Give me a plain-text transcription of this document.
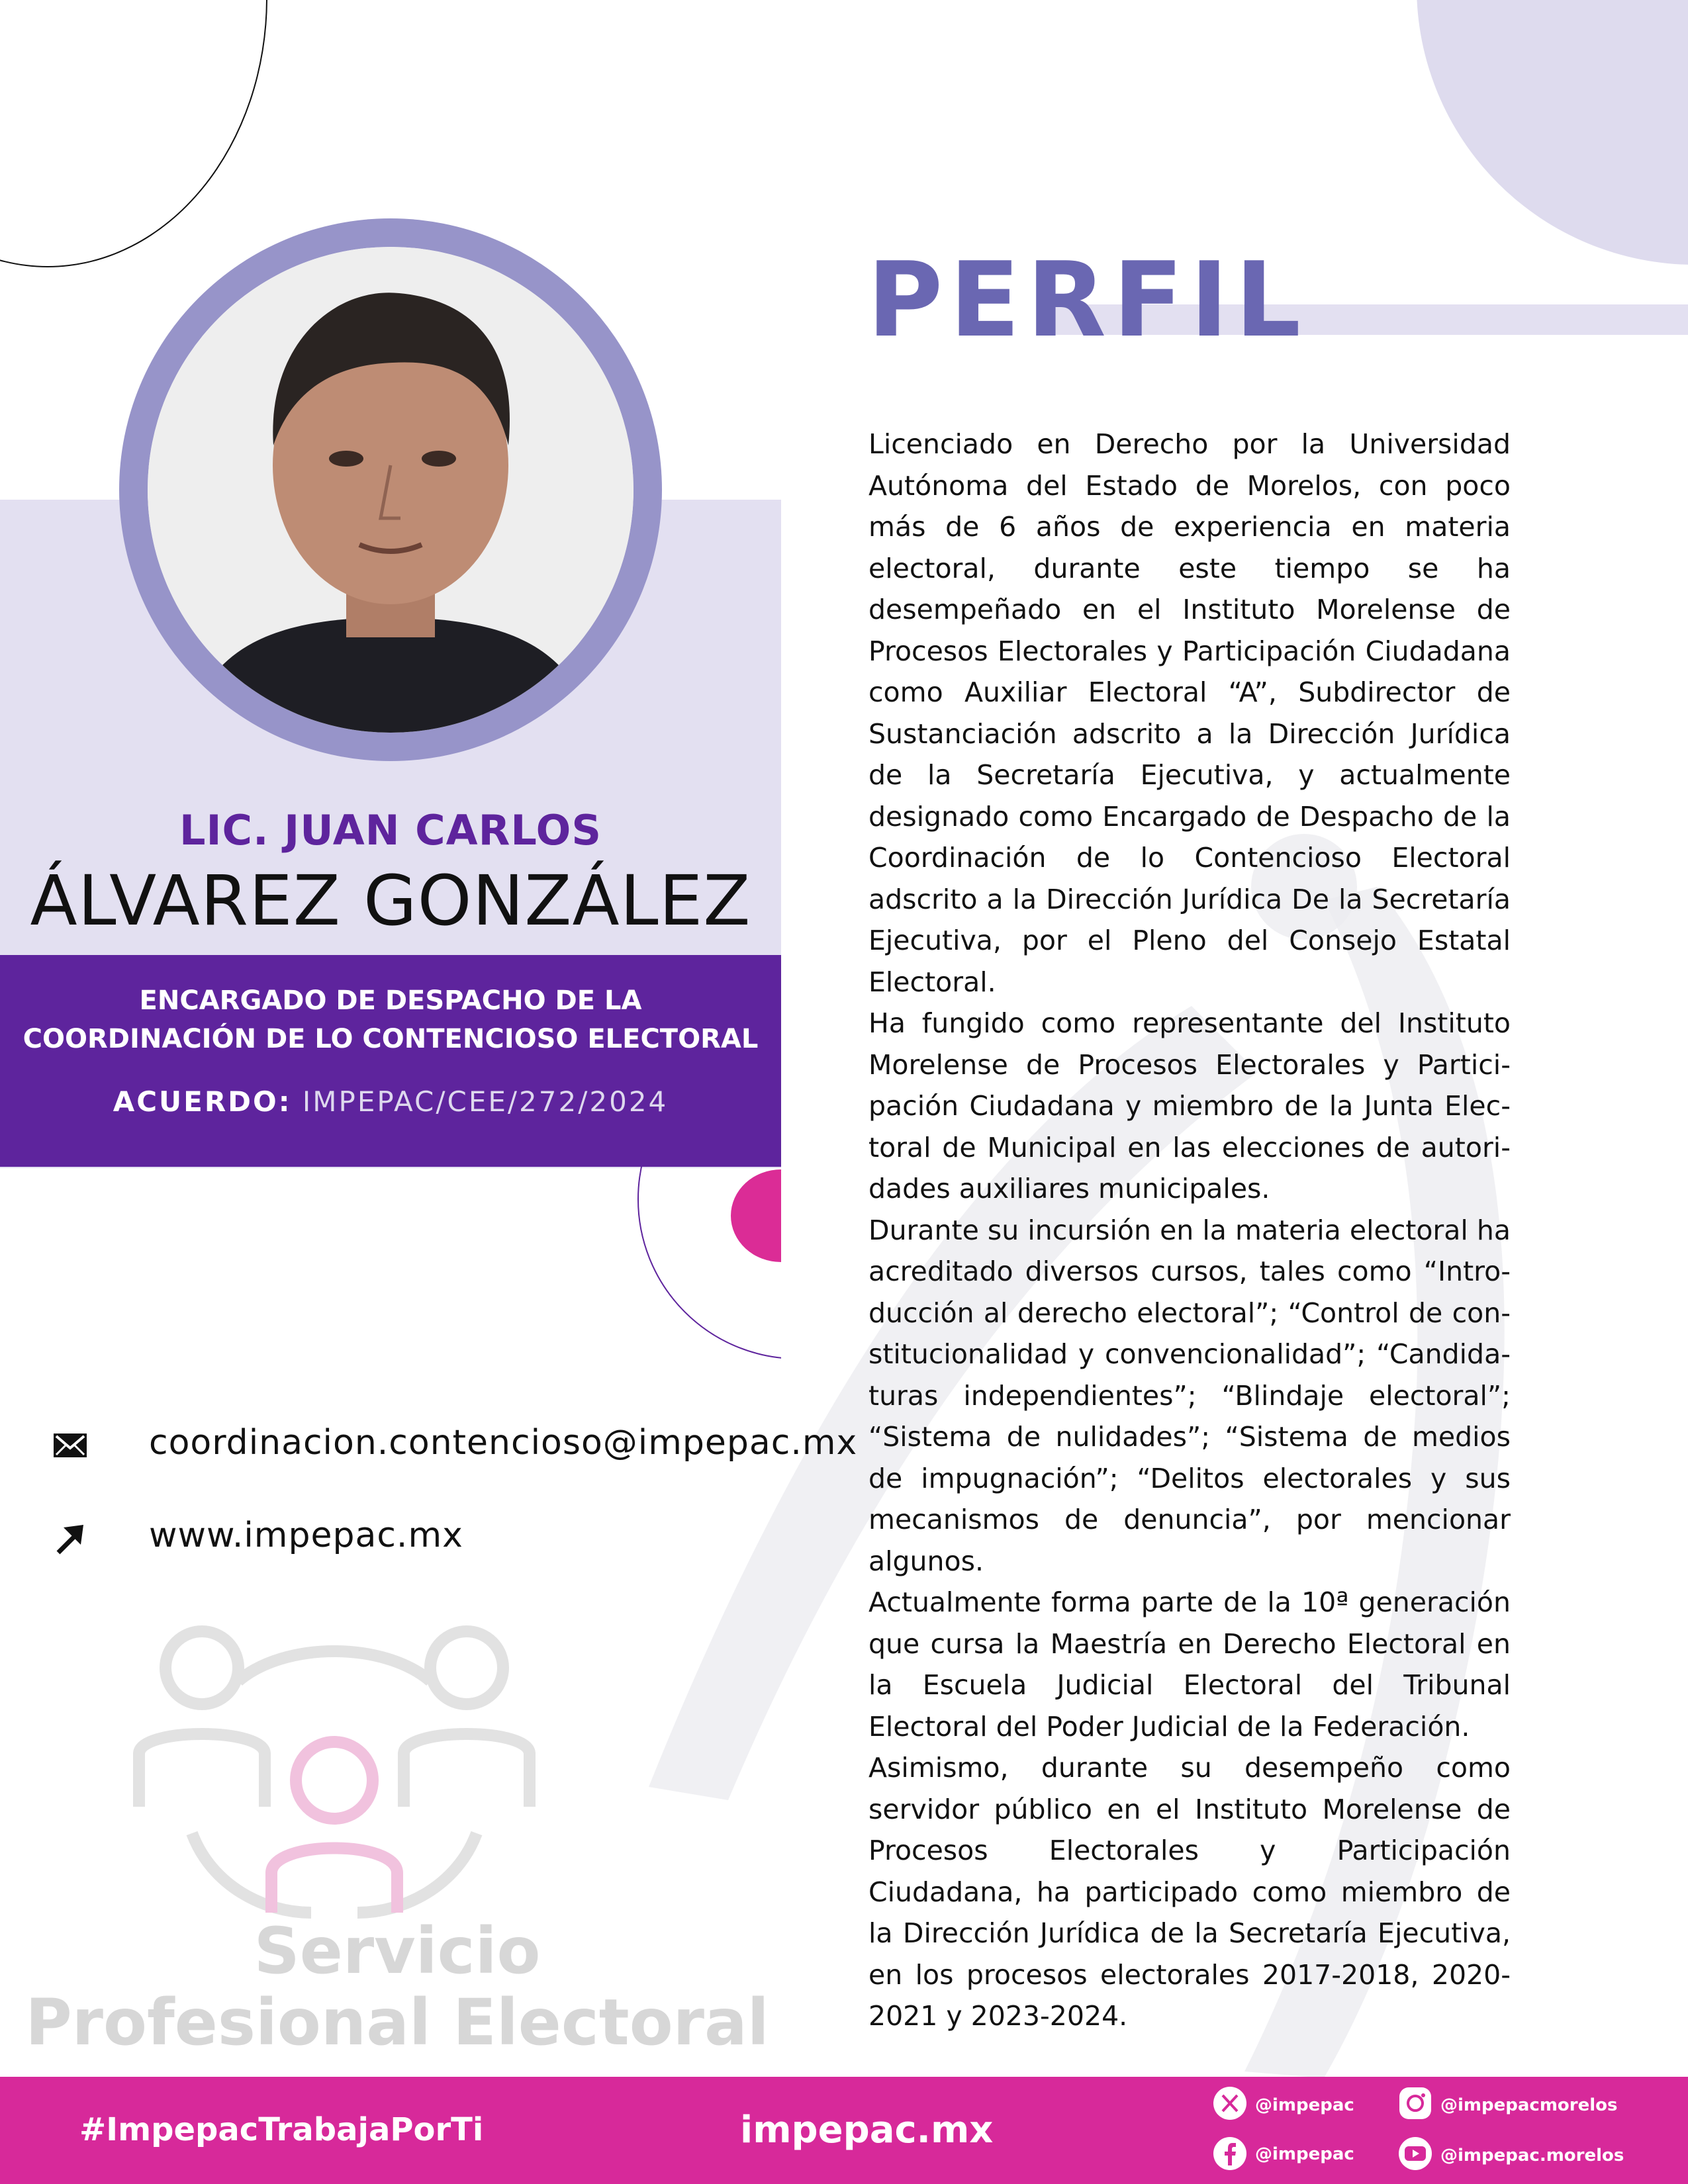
PERFIL

Licenciado en Derecho por la Universidad Autónoma del Estado de Morelos, con poco más de 6 años de experiencia en materia electoral, durante este tiempo se ha desempeñado en el Instituto Morelense de Procesos Electorales y Participación Ciudadana como Auxiliar Electoral “A”, Subdirector de Sustanciación adscrito a la Dirección Jurídica de la Secretaría Ejecutiva, y actualmente designado como Encargado de Despacho de la Coordinación de lo Contencioso Electoral adscrito a la Dirección Jurídica De la Secretaría Ejecutiva, por el Pleno del Consejo Estatal Electoral.

Ha fungido como representante del Instituto Morelense de Procesos Electorales y Participación Ciudadana y miembro de la Junta Electoral de Municipal en las elecciones de autoridades auxiliares municipales.

Durante su incursión en la materia electoral ha acreditado diversos cursos, tales como “Introducción al derecho electoral”; “Control de constitucionalidad y convencionalidad”; “Candidaturas independientes”; “Blindaje electoral”; “Sistema de nulidades”; “Sistema de medios de impugnación”; “Delitos electorales y sus mecanismos de denuncia”, por mencionar algunos.

Actualmente forma parte de la 10ª generación que cursa la Maestría en Derecho Electoral en la Escuela Judicial Electoral del Tribunal Electoral del Poder Judicial de la Federación.

Asimismo, durante su desempeño como servidor público en el Instituto Morelense de Procesos Electorales y Participación Ciudadana, ha participado como miembro de la Dirección Jurídica de la Secretaría Ejecutiva, en los procesos electorales 2017-2018, 2020-2021 y 2023-2024.

LIC. JUAN CARLOS
ÁLVAREZ GONZÁLEZ
ENCARGADO DE DESPACHO DE LA
COORDINACIÓN DE LO CONTENCIOSO ELECTORAL
ACUERDO: IMPEPAC/CEE/272/2024
coordinacion.contencioso@impepac.mx
www.impepac.mx
Servicio
Profesional Electoral
#ImpepacTrabajaPorTi	impepac.mx
@impepac	@impepacmorelos
@impepac	@impepac.morelos
